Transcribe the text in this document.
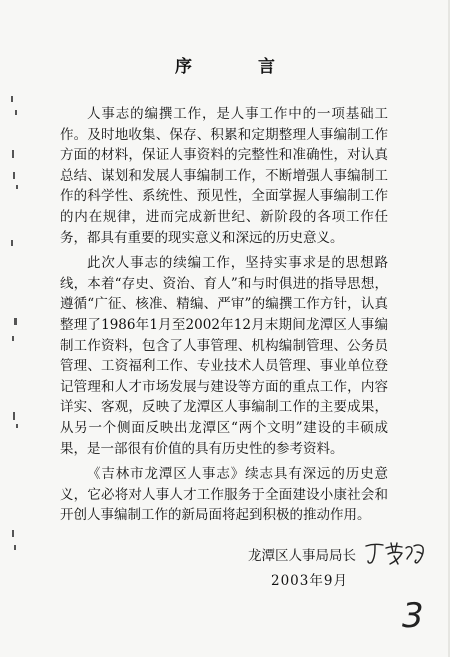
序 言

人事志的编撰工作，是人事工作中的一项基础工作。及时地收集、保存、积累和定期整理人事编制工作方面的材料，保证人事资料的完整性和准确性，对认真总结、谋划和发展人事编制工作，不断增强人事编制工作的科学性、系统性、预见性，全面掌握人事编制工作的内在规律，进而完成新世纪、新阶段的各项工作任务，都具有重要的现实意义和深远的历史意义。

此次人事志的续编工作，坚持实事求是的思想路线，本着“存史、资治、育人”和与时俱进的指导思想，遵循“广征、核准、精编、严审”的编撰工作方针，认真整理了1986年1月至2002年12月末期间龙潭区人事编制工作资料，包含了人事管理、机构编制管理、公务员管理、工资福利工作、专业技术人员管理、事业单位登记管理和人才市场发展与建设等方面的重点工作，内容详实、客观，反映了龙潭区人事编制工作的主要成果，从另一个侧面反映出龙潭区“两个文明”建设的丰硕成果，是一部很有价值的具有历史性的参考资料。

《吉林市龙潭区人事志》续志具有深远的历史意义，它必将对人事人才工作服务于全面建设小康社会和开创人事编制工作的新局面将起到积极的推动作用。

龙潭区人事局局长
2003年9月
3
